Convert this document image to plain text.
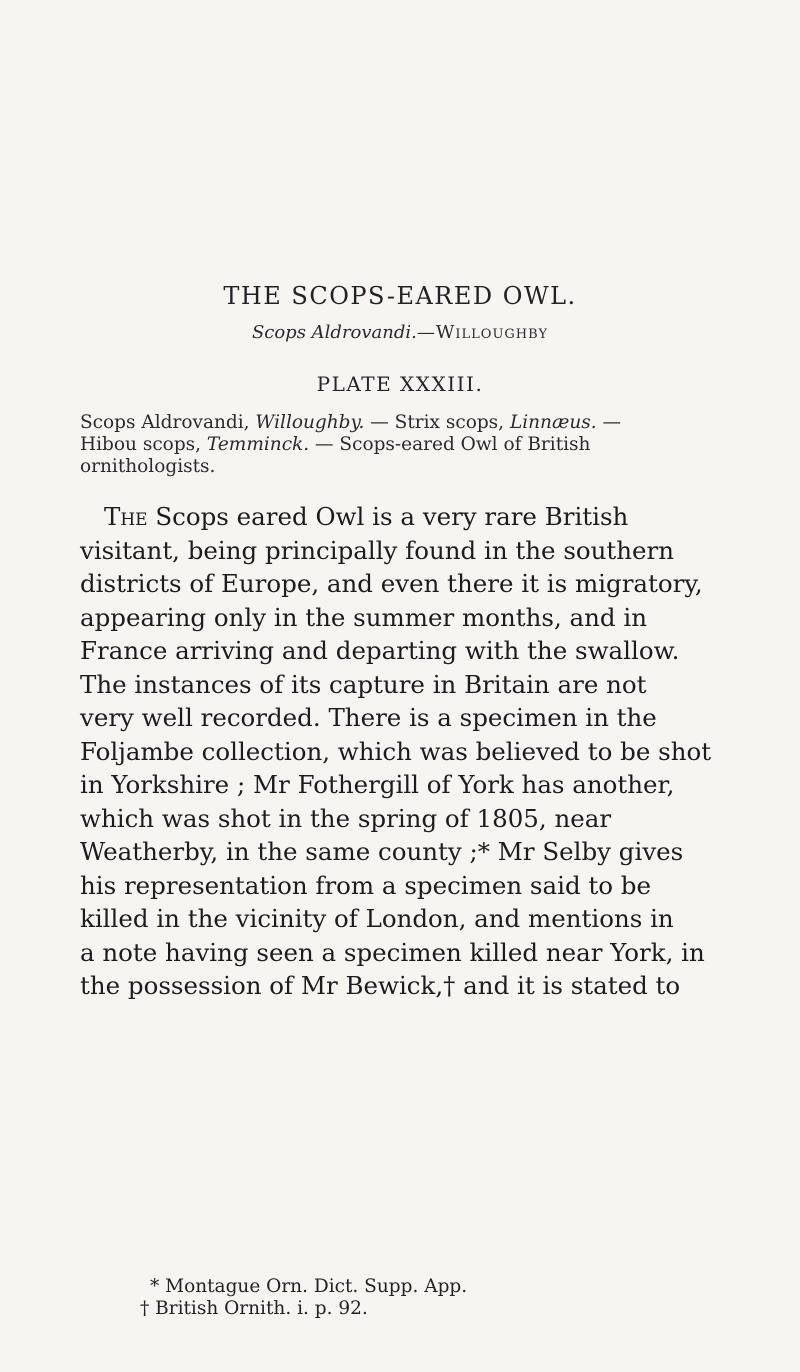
THE SCOPS-EARED OWL.
Scops Aldrovandi.—Willoughby
PLATE XXXIII.
Scops Aldrovandi, Willoughby. — Strix scops, Linnæus. —
Hibou scops, Temminck. — Scops-eared Owl of British
ornithologists.
The Scops eared Owl is a very rare British
visitant, being principally found in the southern
districts of Europe, and even there it is migratory,
appearing only in the summer months, and in
France arriving and departing with the swallow.
The instances of its capture in Britain are not
very well recorded. There is a specimen in the
Foljambe collection, which was believed to be shot
in Yorkshire ; Mr Fothergill of York has another,
which was shot in the spring of 1805, near
Weatherby, in the same county ;* Mr Selby gives
his representation from a specimen said to be
killed in the vicinity of London, and mentions in
a note having seen a specimen killed near York, in
the possession of Mr Bewick,† and it is stated to
* Montague Orn. Dict. Supp. App.
† British Ornith. i. p. 92.
